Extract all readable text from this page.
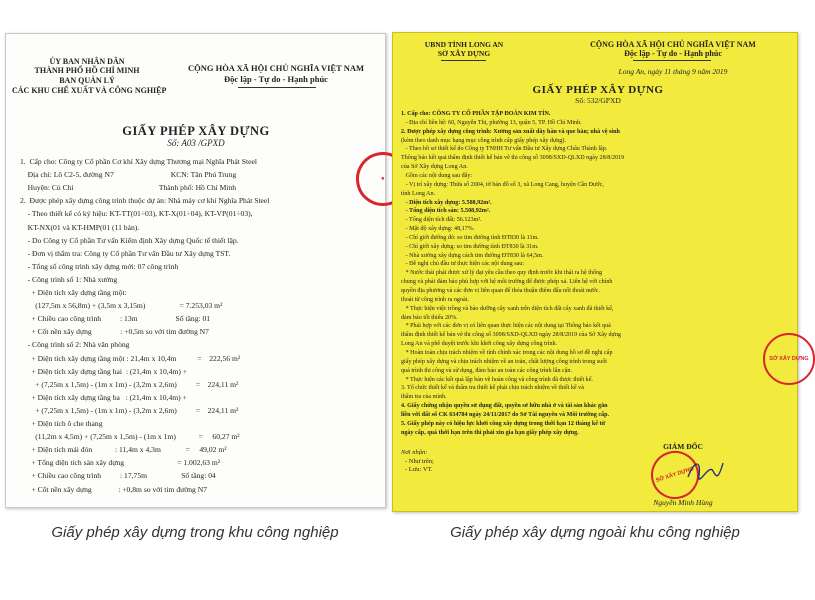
ỦY BAN NHÂN DÂN
THÀNH PHỐ HỒ CHÍ MINH
BAN QUẢN LÝ
CÁC KHU CHẾ XUẤT VÀ CÔNG NGHIỆP
CỘNG HÒA XÃ HỘI CHỦ NGHĨA VIỆT NAM
Độc lập - Tự do - Hạnh phúc
GIẤY PHÉP XÂY DỰNG
Số: A03 /GPXD
1.  Cấp cho: Công ty Cổ phần Cơ khí Xây dựng Thương mại Nghĩa Phát Steel
Địa chỉ: Lô C2-5, đường N7                              KCN: Tân Phú Trung
Huyện: Củ Chi                                             Thành phố: Hồ Chí Minh
2.  Được phép xây dựng công trình thuộc dự án: Nhà máy cơ khí Nghĩa Phát Steel
- Theo thiết kế có ký hiệu: KT-TT(01÷03), KT-X(01÷04), KT-VP(01÷03),
KT-NX(01 và KT-HMP(01 (11 bản).
- Do Công ty Cổ phần Tư vấn Kiểm định Xây dựng Quốc tế thiết lập.
- Đơn vị thẩm tra: Công ty Cổ phần Tư vấn Đầu tư Xây dựng TST.
- Tổng số công trình xây dựng mới: 07 công trình
- Công trình số 1: Nhà xưởng
+ Diện tích xây dựng tầng một:
(127,5m x 56,8m) + (3,5m x 3,15m)                  = 7.253,03 m²
+ Chiều cao công trình          : 13m                    Số tầng: 01
+ Cốt nền xây dựng               : +0,5m so với tim đường N7
- Công trình số 2: Nhà văn phòng
+ Diện tích xây dựng tầng một : 21,4m x 10,4m           =    222,56 m²
+ Diện tích xây dựng tầng hai  : (21,4m x 10,4m) +
+ (7,25m x 1,5m) - (1m x 1m) - (3,2m x 2,6m)          =    224,11 m²
+ Diện tích xây dựng tầng ba   : (21,4m x 10,4m) +
+ (7,25m x 1,5m) - (1m x 1m) - (3,2m x 2,6m)          =    224,11 m²
+ Diện tích ô che thang
(11,2m x 4,5m) + (7,25m x 1,5m) - (1m x 1m)            =     60,27 m²
+ Diện tích mái đón            : 11,4m x 4,3m             =     49,02 m²
+ Tổng diện tích sàn xây dựng                            = 1.002,63 m²
+ Chiều cao công trình          : 17,75m                  Số tầng: 04
+ Cốt nền xây dựng              : +0,8m so với tim đường N7
●
UBND TỈNH LONG AN
SỞ XÂY DỰNG
CỘNG HÒA XÃ HỘI CHỦ NGHĨA VIỆT NAM
Độc lập - Tự do - Hạnh phúc
Long An, ngày 11 tháng 9 năm 2019
GIẤY PHÉP XÂY DỰNG
Số: 532/GPXD
1. Cấp cho: CÔNG TY CỔ PHẦN TẬP ĐOÀN KIM TÍN.
- Địa chỉ liên hệ: 60, Nguyễn Thị, phường 13, quận 5, TP. Hồ Chí Minh.
2. Được phép xây dựng công trình: Xưởng sản xuất dây hàn và que hàn; nhà vệ sinh
(kèm theo danh mục hạng mục công trình cấp giấy phép xây dựng).
- Theo hồ sơ thiết kế do Công ty TNHH Tư vấn Đầu tư Xây dựng Châu Thành lập.
Thông báo kết quả thẩm định thiết kế bản vẽ thi công số 3098/SXD-QLXD ngày 28/8/2019
của Sở Xây dựng Long An.
Gồm các nội dung sau đây:
- Vị trí xây dựng: Thửa số 2004, tờ bản đồ số 3, xã Long Cang, huyện Cần Đước,
tỉnh Long An.
- Diện tích xây dựng: 5.508,92m².
- Tổng diện tích sàn: 5.508,92m².
- Tổng diện tích đất: 56.123m².
- Mật độ xây dựng: 48,17%.
- Chỉ giới đường đỏ: so tim đường tỉnh ĐT830 là 11m.
- Chỉ giới xây dựng: so tim đường tỉnh ĐT830 là 31m.
- Nhà xưởng xây dựng cách tim đường ĐT830 là 64,5m.
- Đề nghị chủ đầu tư thực hiện các nội dung sau:
* Nước thải phải được xử lý đạt yêu cầu theo quy định trước khi thải ra hệ thống
chung và phải đảm bảo phù hợp với hệ môi trường để được phép xả. Liên hệ với chính
quyền địa phương và các đơn vị liên quan để thỏa thuận điểm đấu nối thoát nước.
thoát từ công trình ra ngoài.
* Thực hiện việc trồng và bảo dưỡng cây xanh trên diện tích đất cây xanh đã thiết kế,
đảm bảo tối thiểu 20%.
* Phải hợp với các đơn vị có liên quan thực hiện các nội dung tại Thông báo kết quả
thẩm định thiết kế bản vẽ thi công số 3098/SXD-QLXD ngày 28/8/2019 của Sở Xây dựng
Long An và phê duyệt trước khi khởi công xây dựng công trình.
* Hoàn toàn chịu trách nhiệm về tính chính xác trong các nội dung hồ sơ đề nghị cấp
giấy phép xây dựng và chịu trách nhiệm về an toàn, chất lượng công trình trong suốt
quá trình thi công và sử dụng, đảm bảo an toàn các công trình lân cận.
* Thực hiện các kết quả lập bản vẽ hoàn công và công trình đã được thiết kế.
3. Tổ chức thiết kế và thẩm tra thiết kế phải chịu trách nhiệm về thiết kế và
thẩm tra của mình.
4. Giấy chứng nhận quyền sử dụng đất, quyền sở hữu nhà ở và tài sản khác gắn
liền với đất số CK 634784 ngày 24/11/2017 do Sở Tài nguyên và Môi trường cấp.
5. Giấy phép này có hiệu lực khởi công xây dựng trong thời hạn 12 tháng kể từ
ngày cấp, quá thời hạn trên thì phải xin gia hạn giấy phép xây dựng.
Nơi nhận:
- Như trên;
- Lưu: VT.
GIÁM ĐỐC
SỞ XÂY DỰNG
Nguyễn Minh Hùng
SỞ XÂY DỰNG
Giấy phép xây dựng trong khu công nghiệp	Giấy phép xây dựng ngoài khu công nghiệp
